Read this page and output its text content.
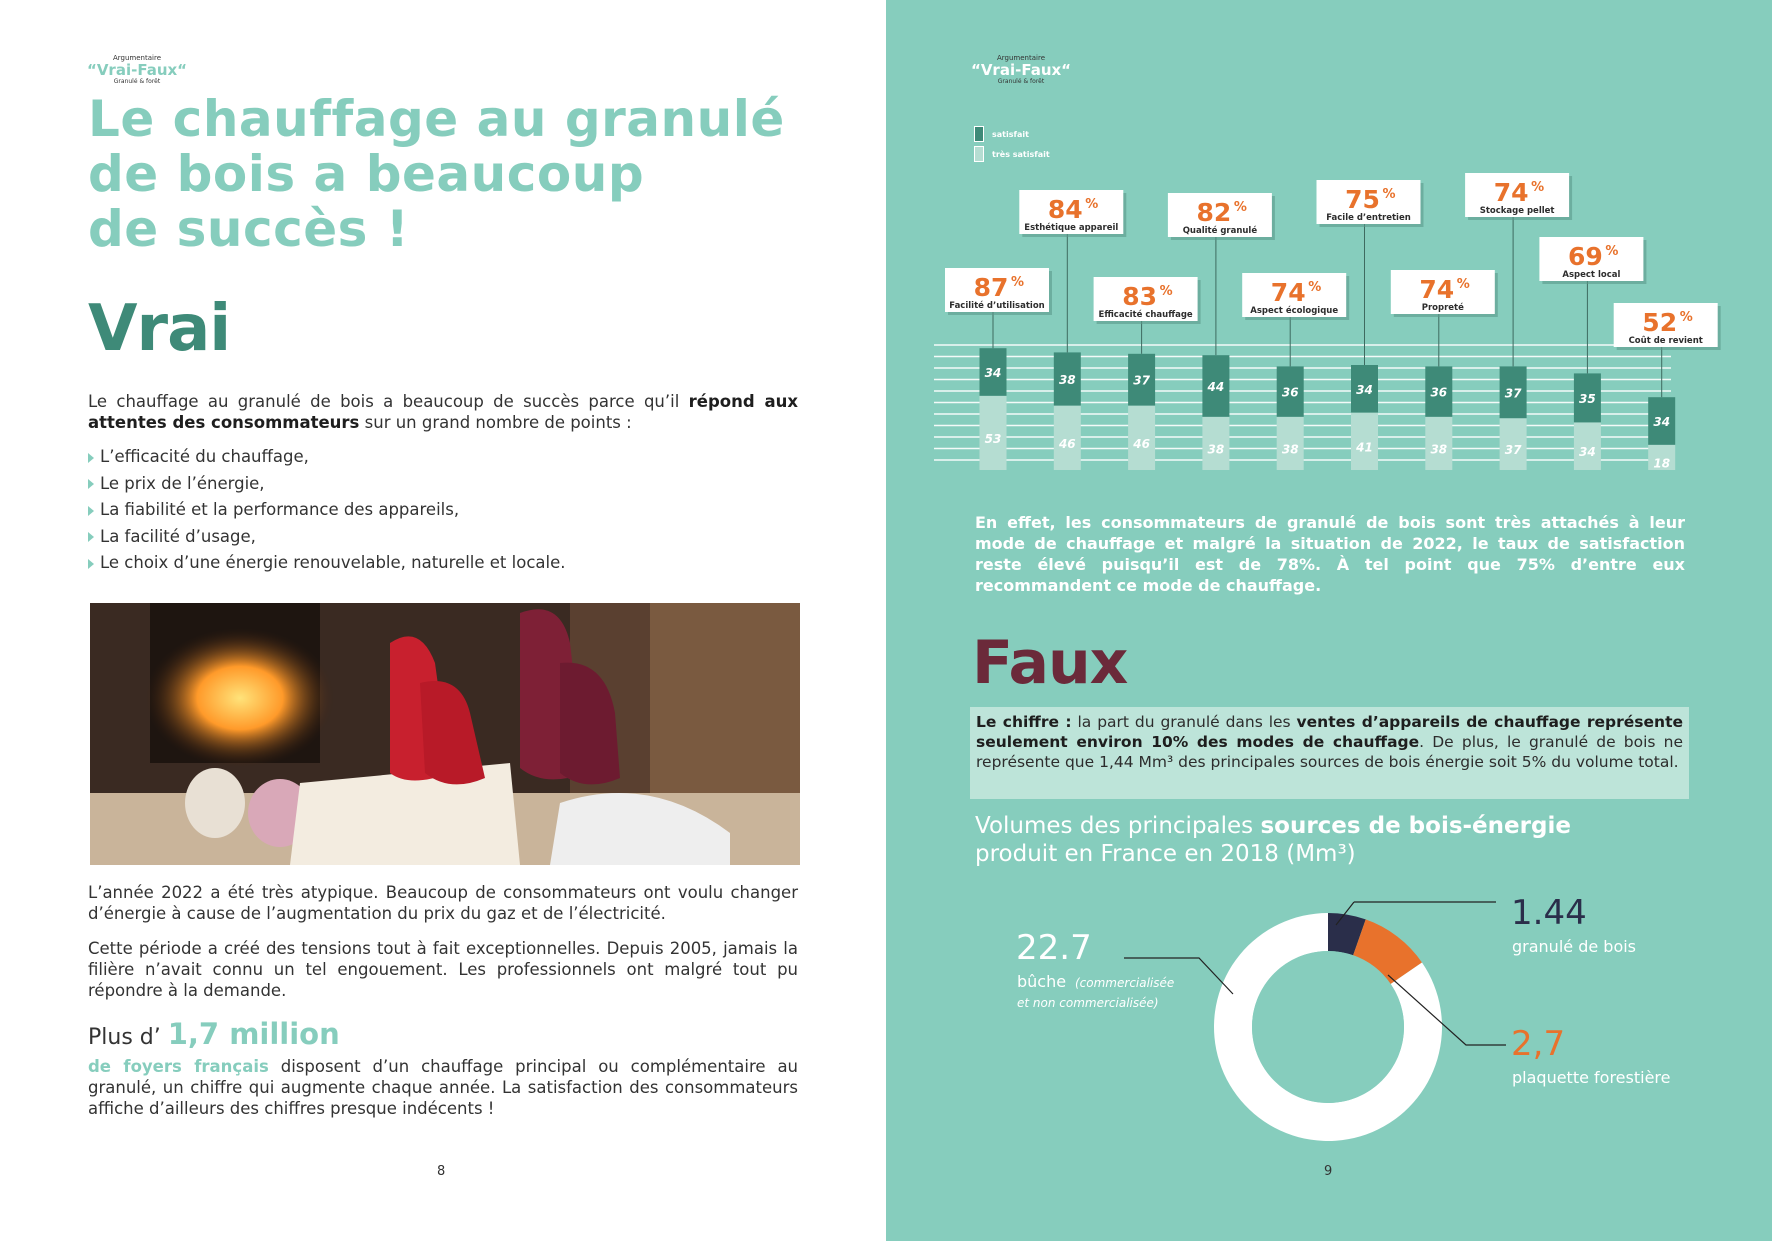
Argumentaire
“Vrai-Faux“
Granulé & forêt
Le chauffage au granulé
de bois a beaucoup
de succès !
Vrai
Le chauffage au granulé de bois a beaucoup de succès parce qu’il répond aux attentes des consommateurs sur un grand nombre de points :
L’efficacité du chauffage,
Le prix de l’énergie,
La fiabilité et la performance des appareils,
La facilité d’usage,
Le choix d’une énergie renouvelable, naturelle et locale.
L’année 2022 a été très atypique. Beaucoup de consommateurs ont voulu changer d’énergie à cause de l’augmentation du prix du gaz et de l’électricité.
Cette période a créé des tensions tout à fait exceptionnelles. Depuis 2005, jamais la filière n’avait connu un tel engouement. Les professionnels ont malgré tout pu répondre à la demande.
Plus d’ 1,7 million
de foyers français disposent d’un chauffage principal ou complémentaire au granulé, un chiffre qui augmente chaque année. La satisfaction des consommateurs affiche d’ailleurs des chiffres presque indécents !
8
Argumentaire
“Vrai-Faux“
Granulé & forêt
satisfait
très satisfait
34
53
87 %
Facilité d’utilisation
38
46
84 %
Esthétique appareil
37
46
83 %
Efficacité chauffage
44
38
82 %
Qualité granulé
36
38
74 %
Aspect écologique
34
41
75 %
Facile d’entretien
36
38
74 %
Propreté
37
37
74 %
Stockage pellet
35
34
69 %
Aspect local
34
18
52 %
Coût de revient
En effet, les consommateurs de granulé de bois sont très attachés à leur mode de chauffage et malgré la situation de 2022, le taux de satisfaction reste élevé puisqu’il est de 78%. À tel point que 75% d’entre eux recommandent ce mode de chauffage.
Faux
Le chiffre : la part du granulé dans les ventes d’appareils de chauffage représente seulement environ 10% des modes de chauffage. De plus, le granulé de bois ne représente que 1,44 Mm³ des principales sources de bois énergie soit 5% du volume total.
Volumes des principales sources de bois-énergie
produit en France en 2018 (Mm³)
22.7
bûche (commercialisée et non commercialisée)
1.44
granulé de bois
2,7
plaquette forestière
9
